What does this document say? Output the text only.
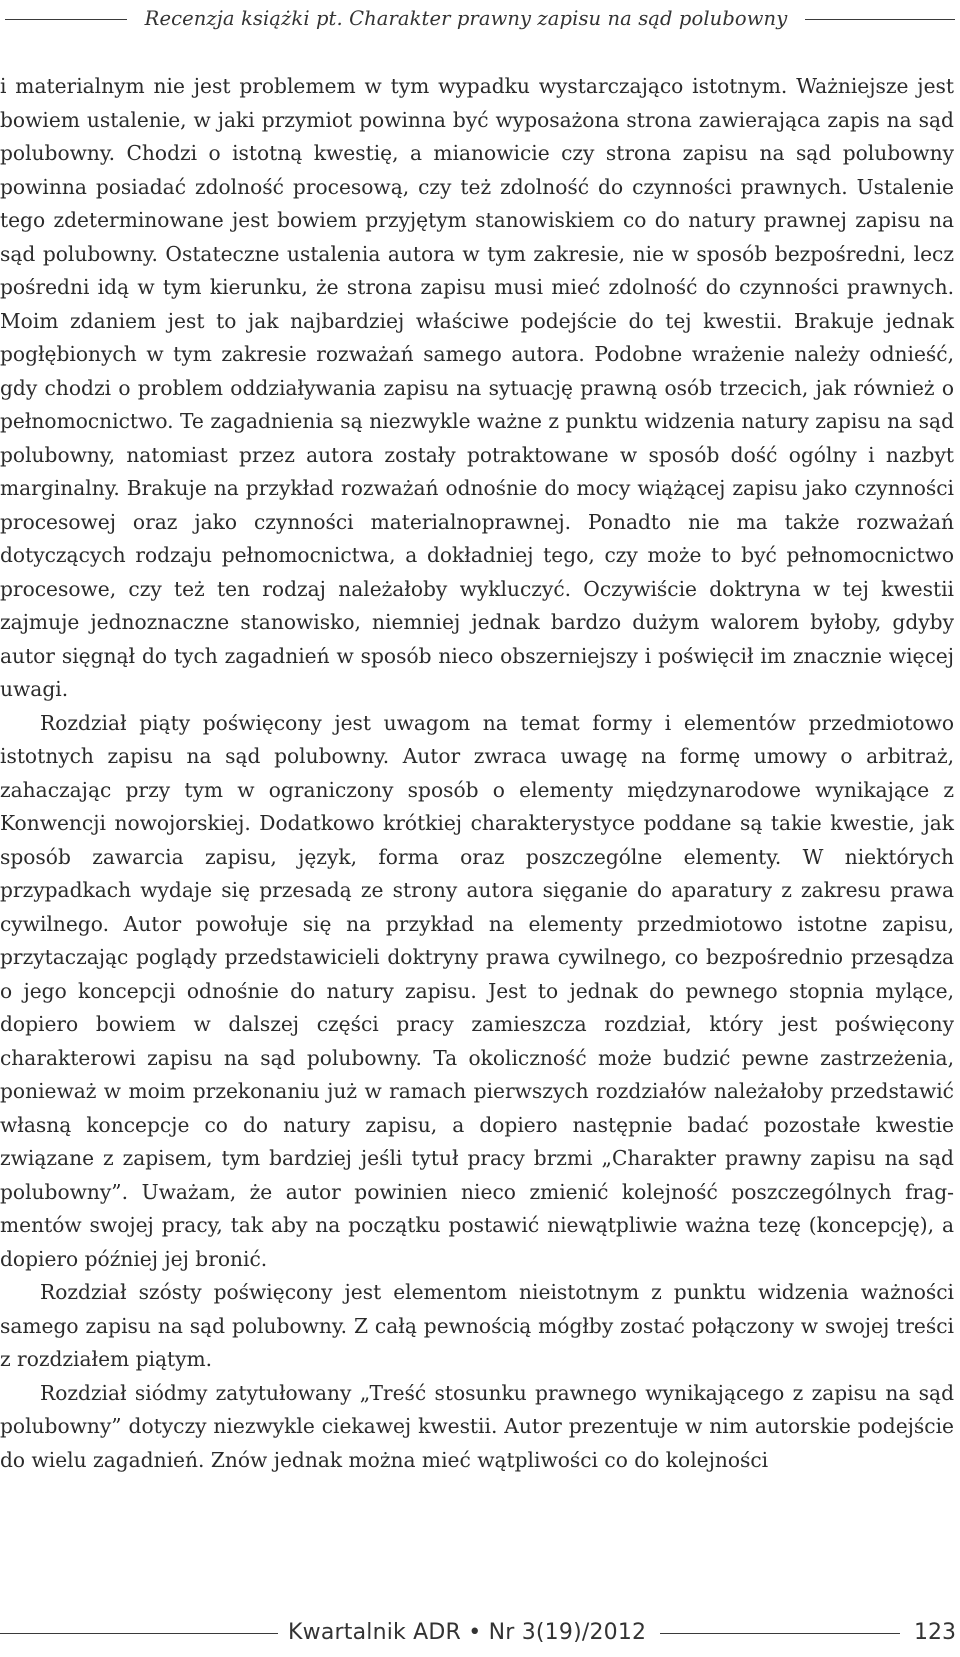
Recenzja książki pt. Charakter prawny zapisu na sąd polubowny

i materialnym nie jest problemem w tym wypadku wystarczająco istotnym. Ważniejsze jest bowiem ustalenie, w jaki przymiot powinna być wyposażona strona zawierająca zapis na sąd polubowny. Chodzi o istotną kwestię, a mianowicie czy strona zapisu na sąd polubowny powinna posiadać zdolność procesową, czy też zdolność do czynności prawnych. Ustalenie tego zdeterminowane jest bowiem przyjętym stanowiskiem co do natury prawnej zapisu na sąd polubowny. Ostateczne ustalenia autora w tym zakresie, nie w sposób bezpośredni, lecz pośredni idą w tym kierunku, że strona zapisu musi mieć zdolność do czynności prawnych. Moim zdaniem jest to jak najbardziej właściwe podejście do tej kwestii. Brakuje jednak pogłębionych w tym zakresie rozważań samego autora. Podobne wrażenie należy odnieść, gdy chodzi o problem oddziaływania zapisu na sytuację prawną osób trzecich, jak również o pełnomocnictwo. Te zagadnienia są niezwykle ważne z punktu widzenia natury zapisu na sąd polubowny, natomiast przez autora zostały potraktowane w sposób dość ogólny i nazbyt marginalny. Brakuje na przykład rozważań odnośnie do mocy wiążącej zapisu jako czynności procesowej oraz jako czynności materialnoprawnej. Ponadto nie ma także rozważań dotyczących rodzaju pełnomocnictwa, a dokładniej tego, czy może to być pełnomocnictwo procesowe, czy też ten rodzaj należałoby wykluczyć. Oczywiście doktryna w tej kwestii zajmuje jednoznaczne stanowisko, niemniej jednak bardzo dużym walorem byłoby, gdyby autor sięgnął do tych zagadnień w sposób nieco obszerniejszy i poświęcił im znacznie więcej uwagi.

Rozdział piąty poświęcony jest uwagom na temat formy i elementów przedmiotowo istotnych zapisu na sąd polubowny. Autor zwraca uwagę na formę umowy o arbitraż, zahaczając przy tym w ograniczony sposób o elementy międzynarodowe wynikające z Konwencji nowojorskiej. Dodatkowo krótkiej charakterystyce poddane są takie kwestie, jak sposób zawarcia zapisu, język, forma oraz poszczególne elementy. W niektórych przypadkach wydaje się przesadą ze strony autora sięganie do aparatury z zakresu prawa cywilnego. Autor powołuje się na przykład na elementy przedmiotowo istotne zapisu, przytaczając poglądy przedstawicieli doktryny prawa cywilnego, co bezpośrednio przesądza o jego koncepcji odnośnie do natury zapisu. Jest to jednak do pewnego stopnia mylące, dopiero bowiem w dalszej części pracy zamieszcza rozdział, który jest poświęcony charakterowi zapisu na sąd polubowny. Ta okoliczność może budzić pewne zastrzeżenia, ponieważ w moim przekonaniu już w ramach pierwszych rozdziałów należałoby przedstawić własną koncepcje co do natury zapisu, a dopiero następnie badać pozostałe kwestie związane z zapisem, tym bardziej jeśli tytuł pracy brzmi „Charakter prawny zapisu na sąd polubowny”. Uważam, że autor powinien nieco zmienić kolejność poszczególnych fragmentów swojej pracy, tak aby na początku postawić niewątpliwie ważna tezę (koncepcję), a dopiero później jej bronić.

Rozdział szósty poświęcony jest elementom nieistotnym z punktu widzenia ważności samego zapisu na sąd polubowny. Z całą pewnością mógłby zostać połączony w swojej treści z rozdziałem piątym.

Rozdział siódmy zatytułowany „Treść stosunku prawnego wynikającego z zapisu na sąd polubowny” dotyczy niezwykle ciekawej kwestii. Autor prezentuje w nim autorskie podejście do wielu zagadnień. Znów jednak można mieć wątpliwości co do kolejności

Kwartalnik ADR • Nr 3(19)/2012	123
